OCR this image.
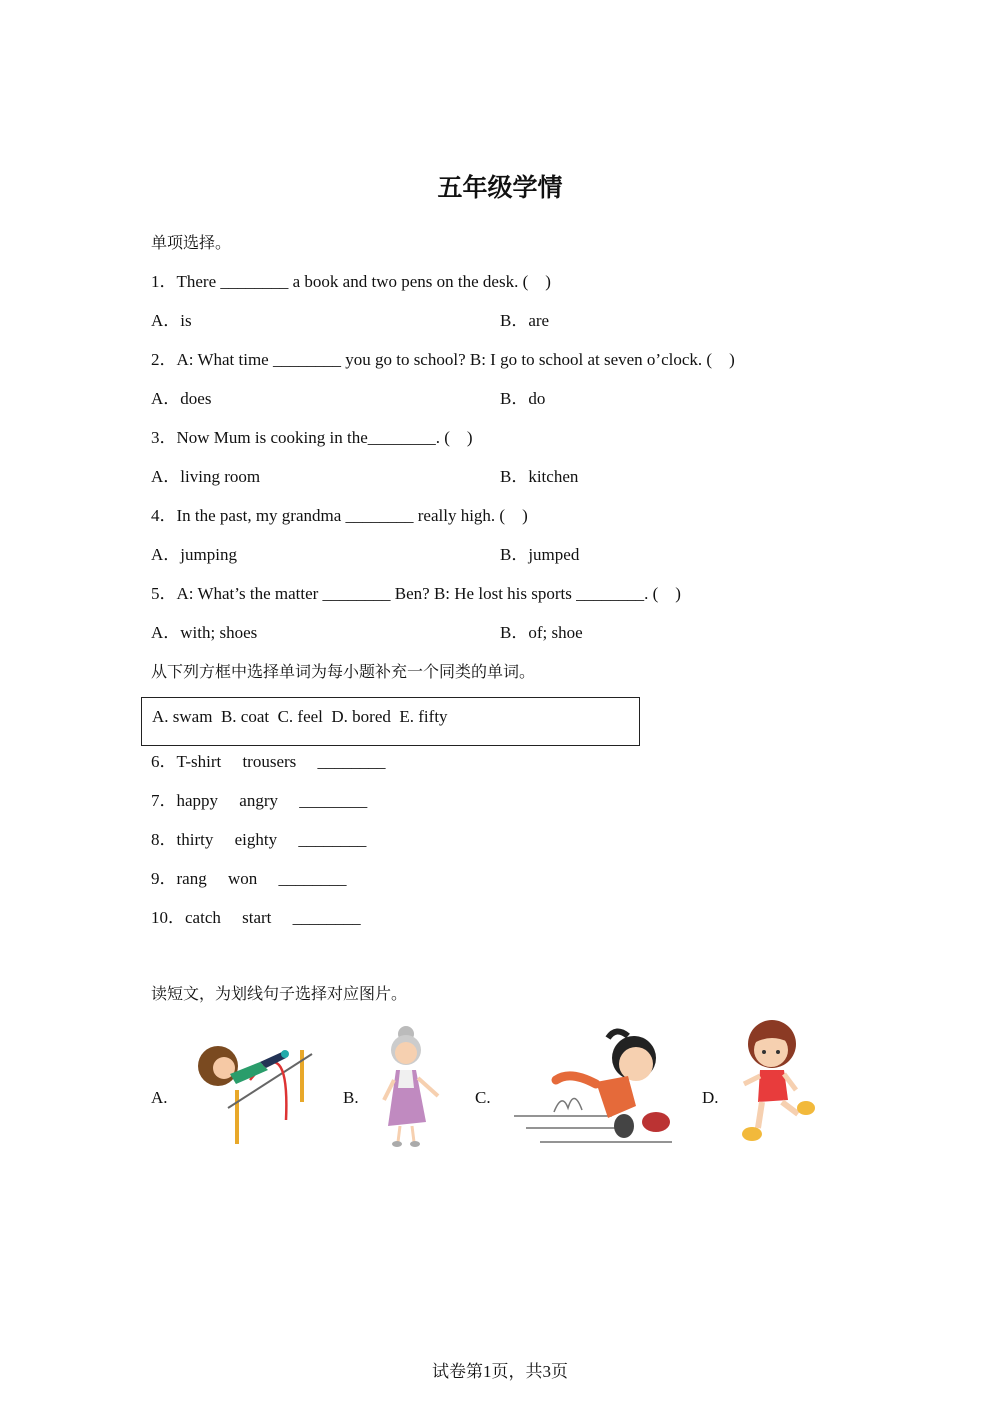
五年级学情
单项选择。
1．There ________ a book and two pens on the desk. (　)
A．is	B．are
2．A: What time ________ you go to school? B: I go to school at seven o’clock. (　)
A．does	B．do
3．Now Mum is cooking in the________. (　)
A．living room	B．kitchen
4．In the past, my grandma ________ really high. (　)
A．jumping	B．jumped
5．A: What’s the matter ________ Ben? B: He lost his sports ________. (　)
A．with; shoes	B．of; shoe
从下列方框中选择单词为每小题补充一个同类的单词。
A. swam  B. coat  C. feel  D. bored  E. fifty
6．T-shirt　 trousers　 ________
7．happy　 angry　 ________
8．thirty　 eighty　 ________
9．rang　 won　 ________
10．catch　 start　 ________
读短文，为划线句子选择对应图片。
A.	B.	C.	D.
试卷第1页，共3页
